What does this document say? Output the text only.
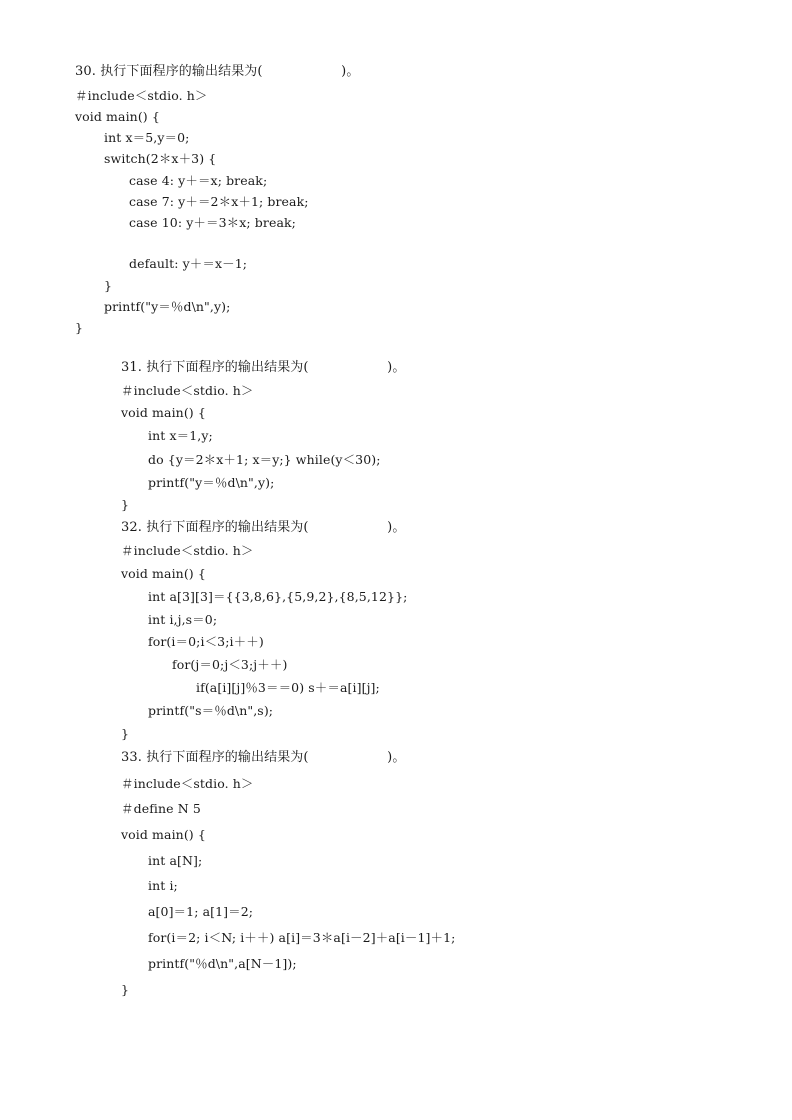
30. 执行下面程序的输出结果为(　　　　　　)。
＃include＜stdio. h＞
void main() {
int x＝5,y＝0;
switch(2＊x＋3) {
case 4: y＋＝x; break;
case 7: y＋＝2＊x＋1; break;
case 10: y＋＝3＊x; break;
default: y＋＝x－1;
}
printf("y＝％d\n",y);
}
31. 执行下面程序的输出结果为(　　　　　　)。
＃include＜stdio. h＞
void main() {
int x＝1,y;
do {y＝2＊x＋1; x＝y;} while(y＜30);
printf("y＝％d\n",y);
}
32. 执行下面程序的输出结果为(　　　　　　)。
＃include＜stdio. h＞
void main() {
int a[3][3]＝{{3,8,6},{5,9,2},{8,5,12}};
int i,j,s＝0;
for(i＝0;i＜3;i＋＋)
for(j＝0;j＜3;j＋＋)
if(a[i][j]％3＝＝0) s＋＝a[i][j];
printf("s＝％d\n",s);
}
33. 执行下面程序的输出结果为(　　　　　　)。
＃include＜stdio. h＞
＃define N 5
void main() {
int a[N];
int i;
a[0]＝1; a[1]＝2;
for(i＝2; i＜N; i＋＋) a[i]＝3＊a[i－2]＋a[i－1]＋1;
printf("％d\n",a[N－1]);
}
